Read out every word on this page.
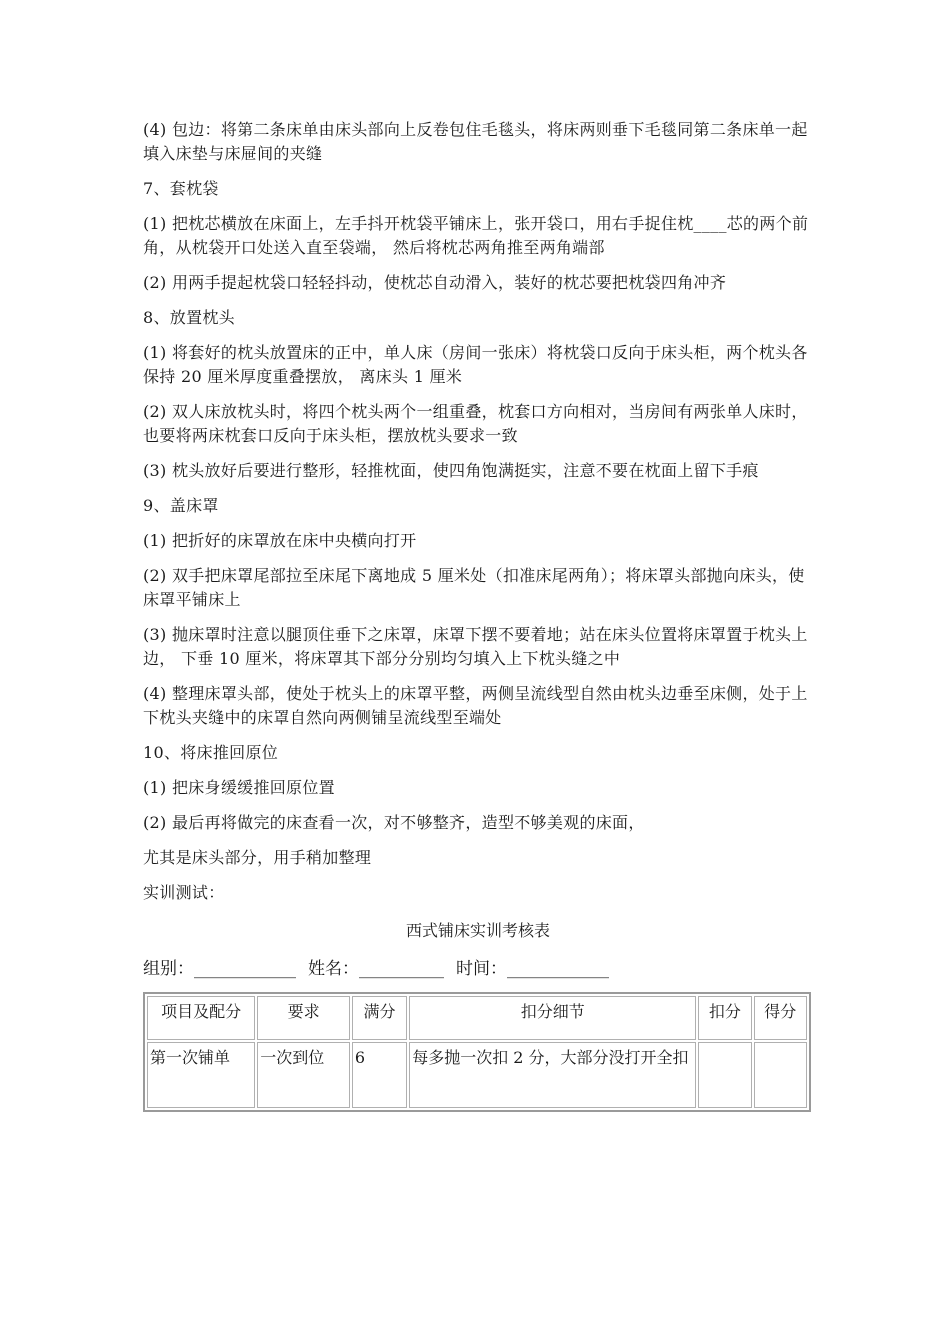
(4) 包边：将第二条床单由床头部向上反卷包住毛毯头，将床两则垂下毛毯同第二条床单一起填入床垫与床屉间的夹缝

7、套枕袋

(1) 把枕芯横放在床面上，左手抖开枕袋平铺床上，张开袋口，用右手捉住枕____芯的两个前角，从枕袋开口处送入直至袋端， 然后将枕芯两角推至两角端部

(2) 用两手提起枕袋口轻轻抖动，使枕芯自动滑入，装好的枕芯要把枕袋四角冲齐

8、放置枕头

(1) 将套好的枕头放置床的正中，单人床（房间一张床）将枕袋口反向于床头柜，两个枕头各保持 20 厘米厚度重叠摆放， 离床头 1 厘米

(2) 双人床放枕头时，将四个枕头两个一组重叠，枕套口方向相对，当房间有两张单人床时，也要将两床枕套口反向于床头柜，摆放枕头要求一致

(3) 枕头放好后要进行整形，轻推枕面，使四角饱满挺实，注意不要在枕面上留下手痕

9、盖床罩

(1) 把折好的床罩放在床中央横向打开

(2) 双手把床罩尾部拉至床尾下离地成 5 厘米处（扣准床尾两角）；将床罩头部抛向床头，使床罩平铺床上

(3) 抛床罩时注意以腿顶住垂下之床罩，床罩下摆不要着地；站在床头位置将床罩置于枕头上边， 下垂 10 厘米，将床罩其下部分分别均匀填入上下枕头缝之中

(4) 整理床罩头部，使处于枕头上的床罩平整，两侧呈流线型自然由枕头边垂至床侧，处于上下枕头夹缝中的床罩自然向两侧铺呈流线型至端处

10、将床推回原位

(1) 把床身缓缓推回原位置

(2) 最后再将做完的床查看一次，对不够整齐，造型不够美观的床面，

尤其是床头部分，用手稍加整理

实训测试：

西式铺床实训考核表
组别： ____________ 姓名： __________ 时间： ____________
项目及配分	要求	满分	扣分细节	扣分	得分
第一次铺单	一次到位	6	每多抛一次扣 2 分，大部分没打开全扣		
